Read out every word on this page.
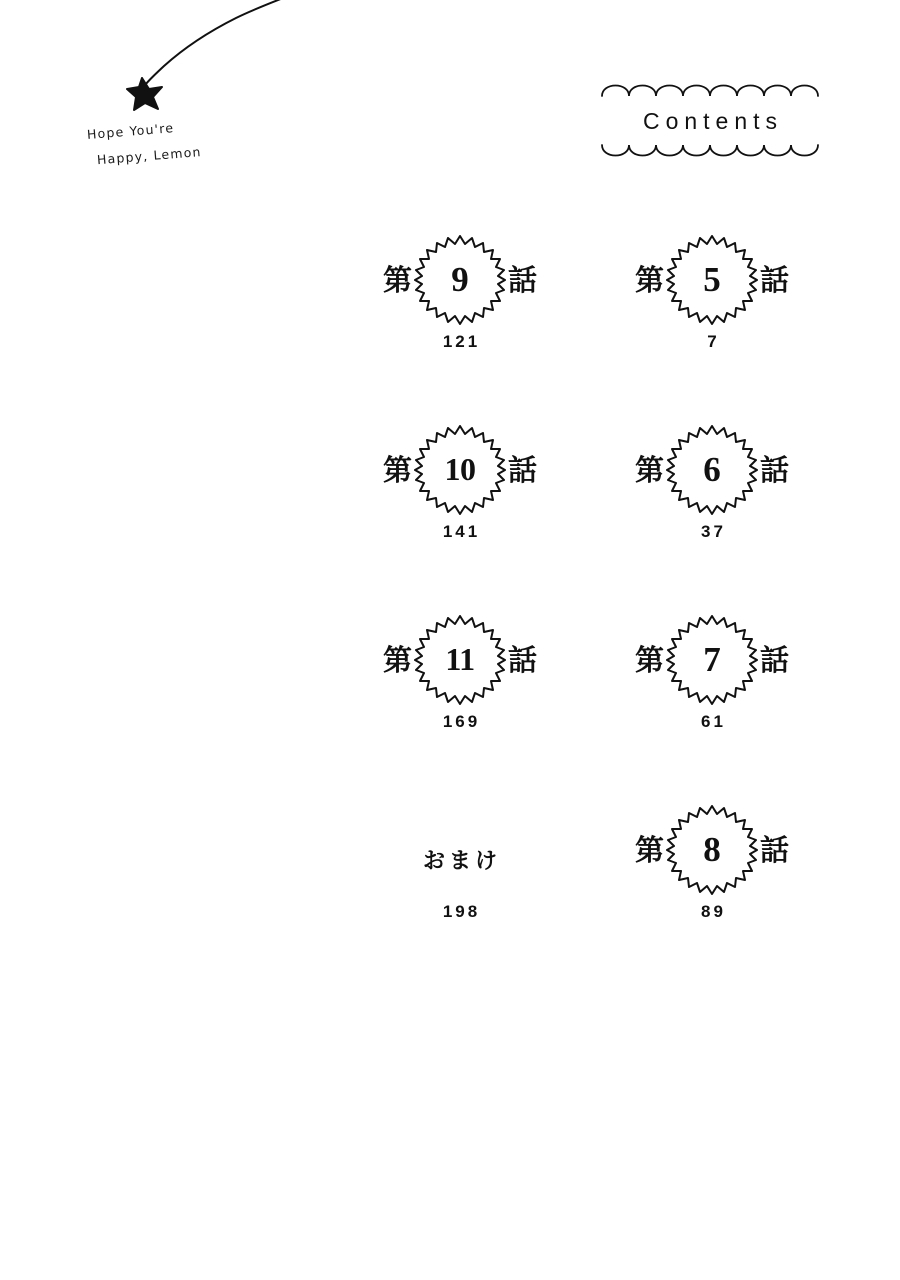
Hope You're
Happy, Lemon
Contents
第 5 話
7
第 6 話
37
第 7 話
61
第 8 話
89
第 9 話
121
第 10 話
141
第 11 話
169
おまけ
198
